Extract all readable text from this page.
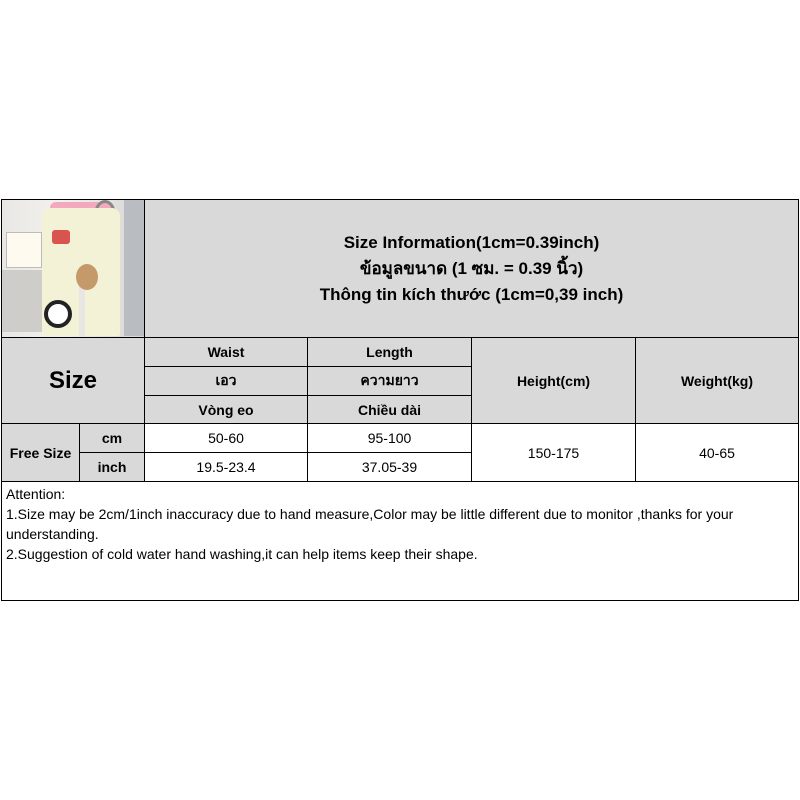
Size Information(1cm=0.39inch)
ข้อมูลขนาด (1 ซม. = 0.39 นิ้ว)
Thông tin kích thước (1cm=0,39 inch)
Size
Waist
เอว
Vòng eo
Length
ความยาว
Chiều dài
Height(cm)	Weight(kg)
Free Size
cm
inch
50-60
19.5-23.4
95-100
37.05-39
150-175	40-65

Attention:

1.Size may be 2cm/1inch inaccuracy due to hand measure,Color may be little different due to monitor ,thanks for your understanding.

2.Suggestion of cold water hand washing,it can help items keep their shape.
